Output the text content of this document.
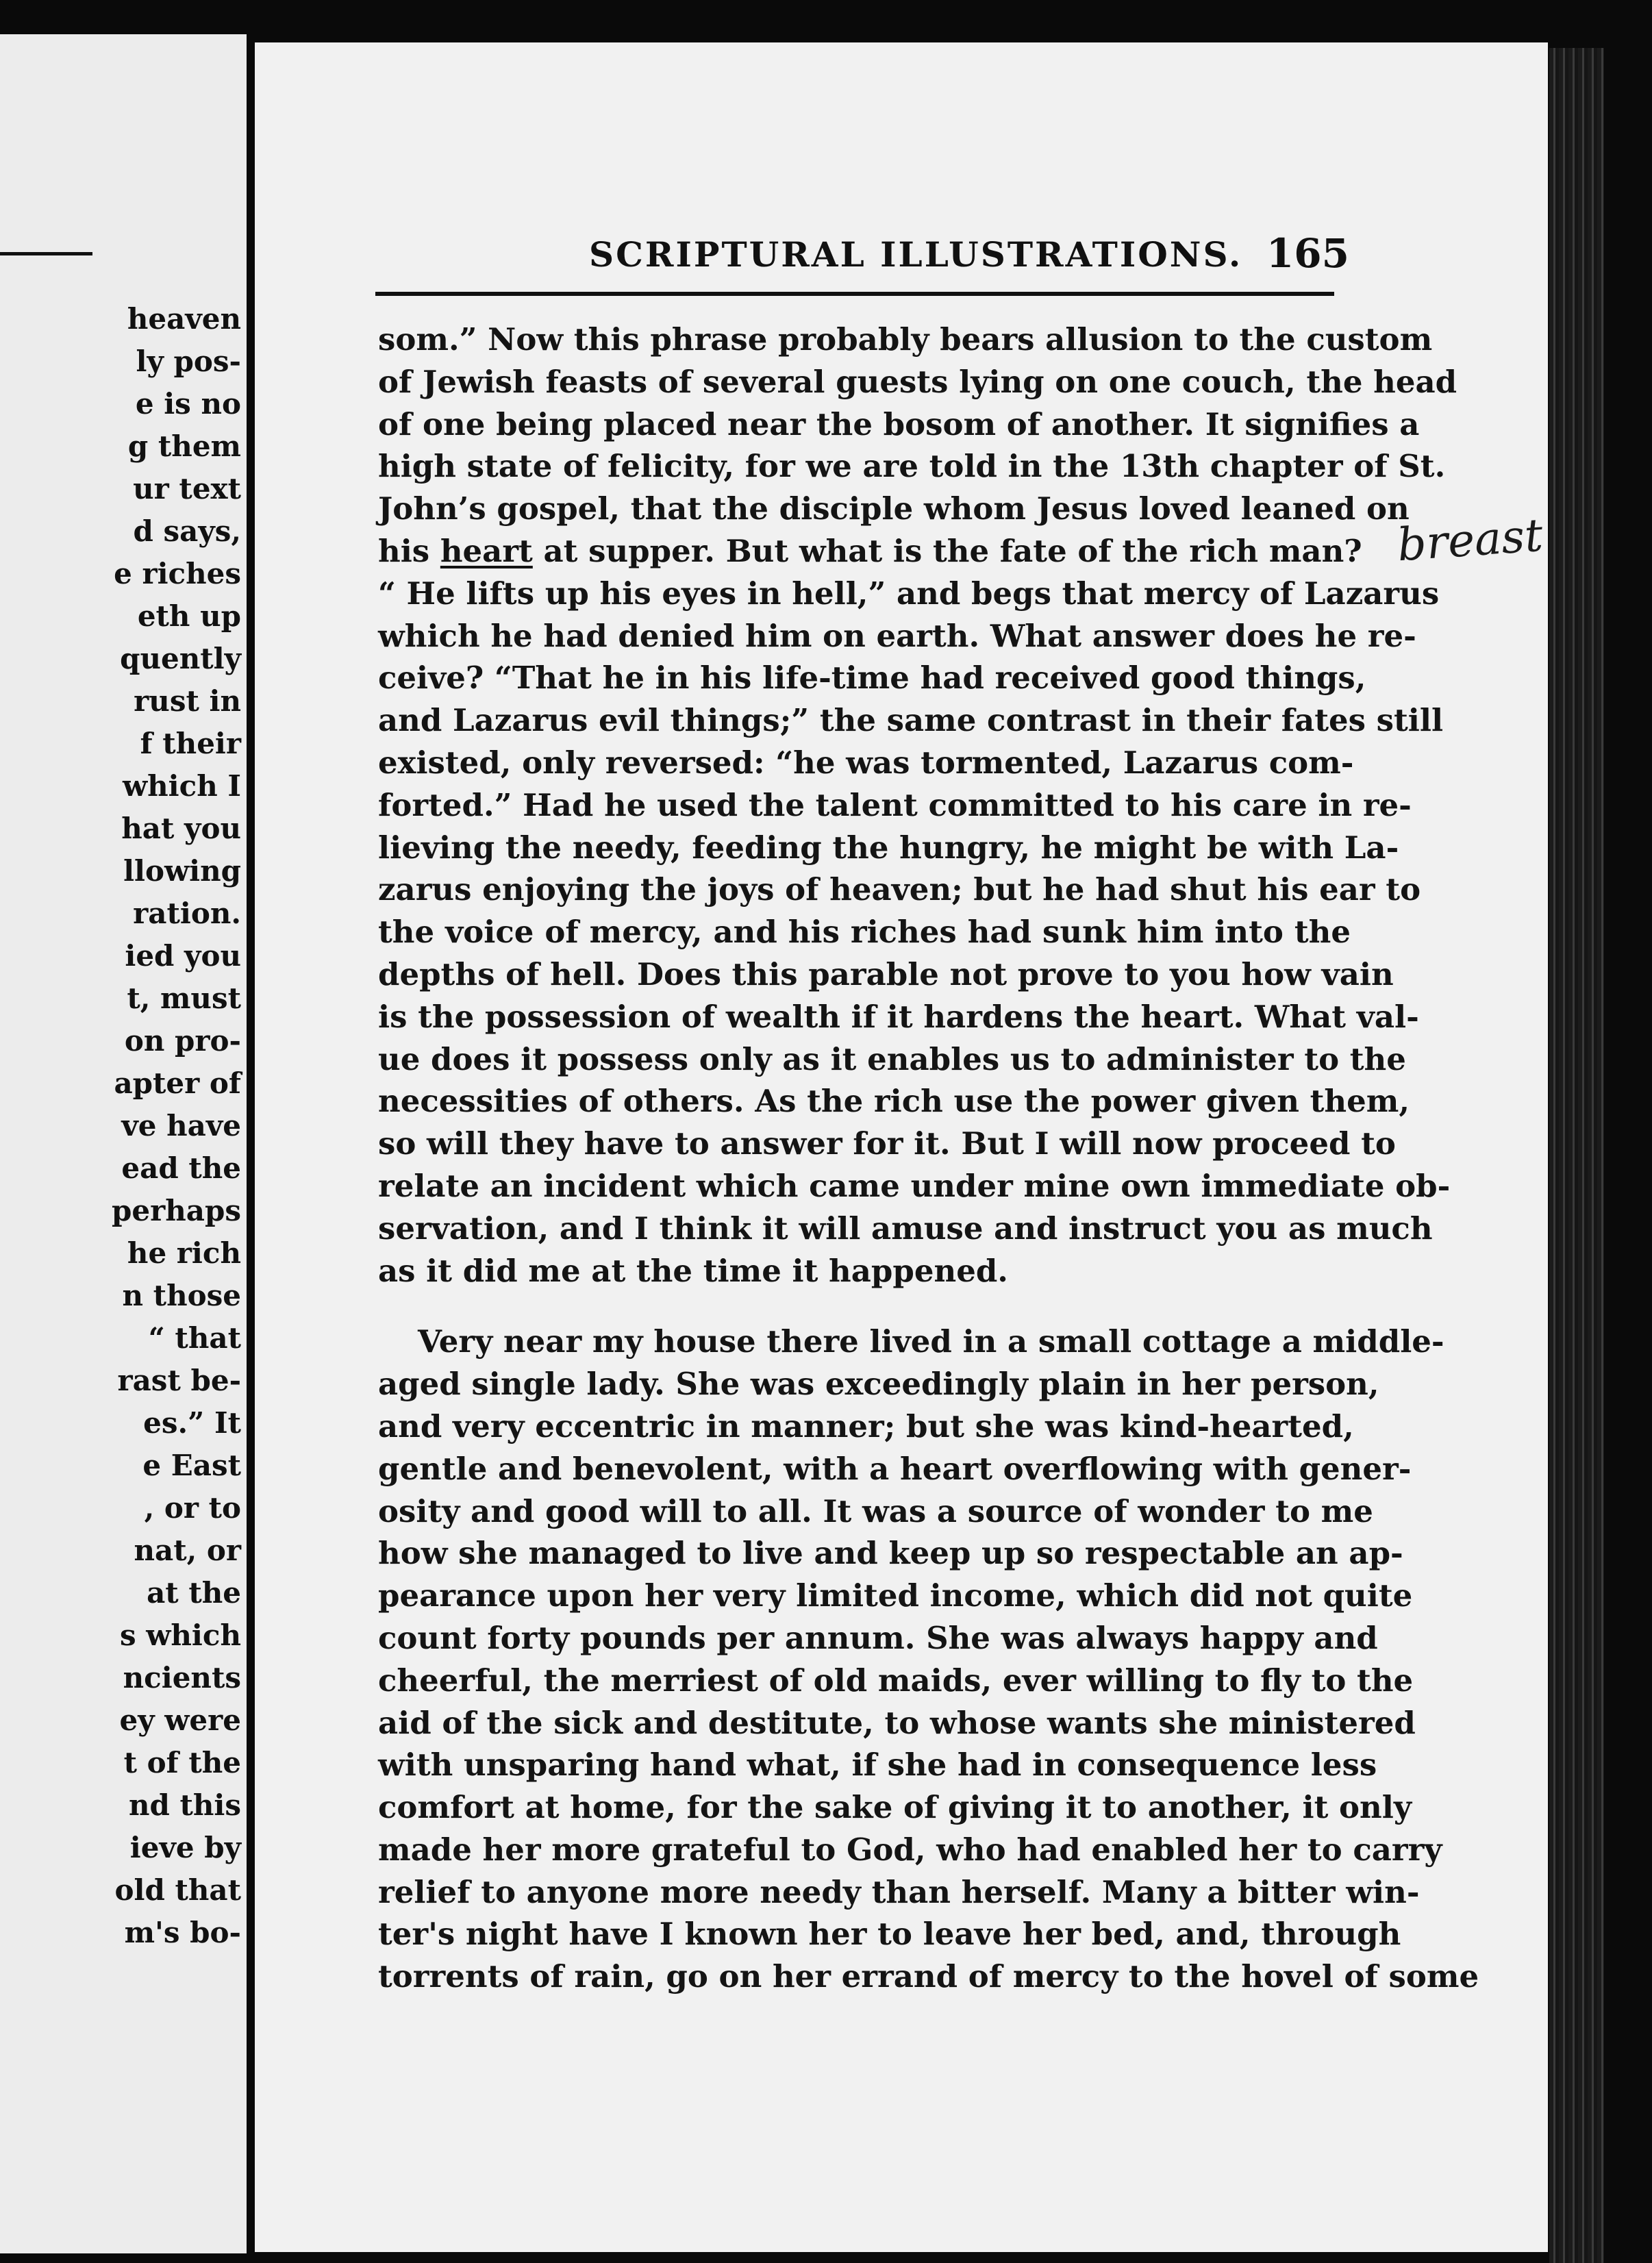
heaven
ly pos-
e is no
g them
ur text
d says,
e riches
eth up
quently
rust in
f their
which I
hat you
llowing
ration.
ied you
t, must
on pro-
apter of
ve have
ead the
perhaps
he rich
n those
“ that
rast be-
es.” It
e East
, or to
nat, or
at the
s which
ncients
ey were
t of the
nd this
ieve by
old that
m's bo-
SCRIPTURAL ILLUSTRATIONS. 165
som.” Now this phrase probably bears allusion to the custom
of Jewish feasts of several guests lying on one couch, the head
of one being placed near the bosom of another. It signifies a
high state of felicity, for we are told in the 13th chapter of St.
John’s gospel, that the disciple whom Jesus loved leaned on
his heart at supper. But what is the fate of the rich man?
“ He lifts up his eyes in hell,” and begs that mercy of Lazarus
which he had denied him on earth. What answer does he re-
ceive? “That he in his life-time had received good things,
and Lazarus evil things;” the same contrast in their fates still
existed, only reversed: “he was tormented, Lazarus com-
forted.” Had he used the talent committed to his care in re-
lieving the needy, feeding the hungry, he might be with La-
zarus enjoying the joys of heaven; but he had shut his ear to
the voice of mercy, and his riches had sunk him into the
depths of hell. Does this parable not prove to you how vain
is the possession of wealth if it hardens the heart. What val-
ue does it possess only as it enables us to administer to the
necessities of others. As the rich use the power given them,
so will they have to answer for it. But I will now proceed to
relate an incident which came under mine own immediate ob-
servation, and I think it will amuse and instruct you as much
as it did me at the time it happened.
Very near my house there lived in a small cottage a middle-
aged single lady. She was exceedingly plain in her person,
and very eccentric in manner; but she was kind-hearted,
gentle and benevolent, with a heart overflowing with gener-
osity and good will to all. It was a source of wonder to me
how she managed to live and keep up so respectable an ap-
pearance upon her very limited income, which did not quite
count forty pounds per annum. She was always happy and
cheerful, the merriest of old maids, ever willing to fly to the
aid of the sick and destitute, to whose wants she ministered
with unsparing hand what, if she had in consequence less
comfort at home, for the sake of giving it to another, it only
made her more grateful to God, who had enabled her to carry
relief to anyone more needy than herself. Many a bitter win-
ter's night have I known her to leave her bed, and, through
torrents of rain, go on her errand of mercy to the hovel of some
breast
